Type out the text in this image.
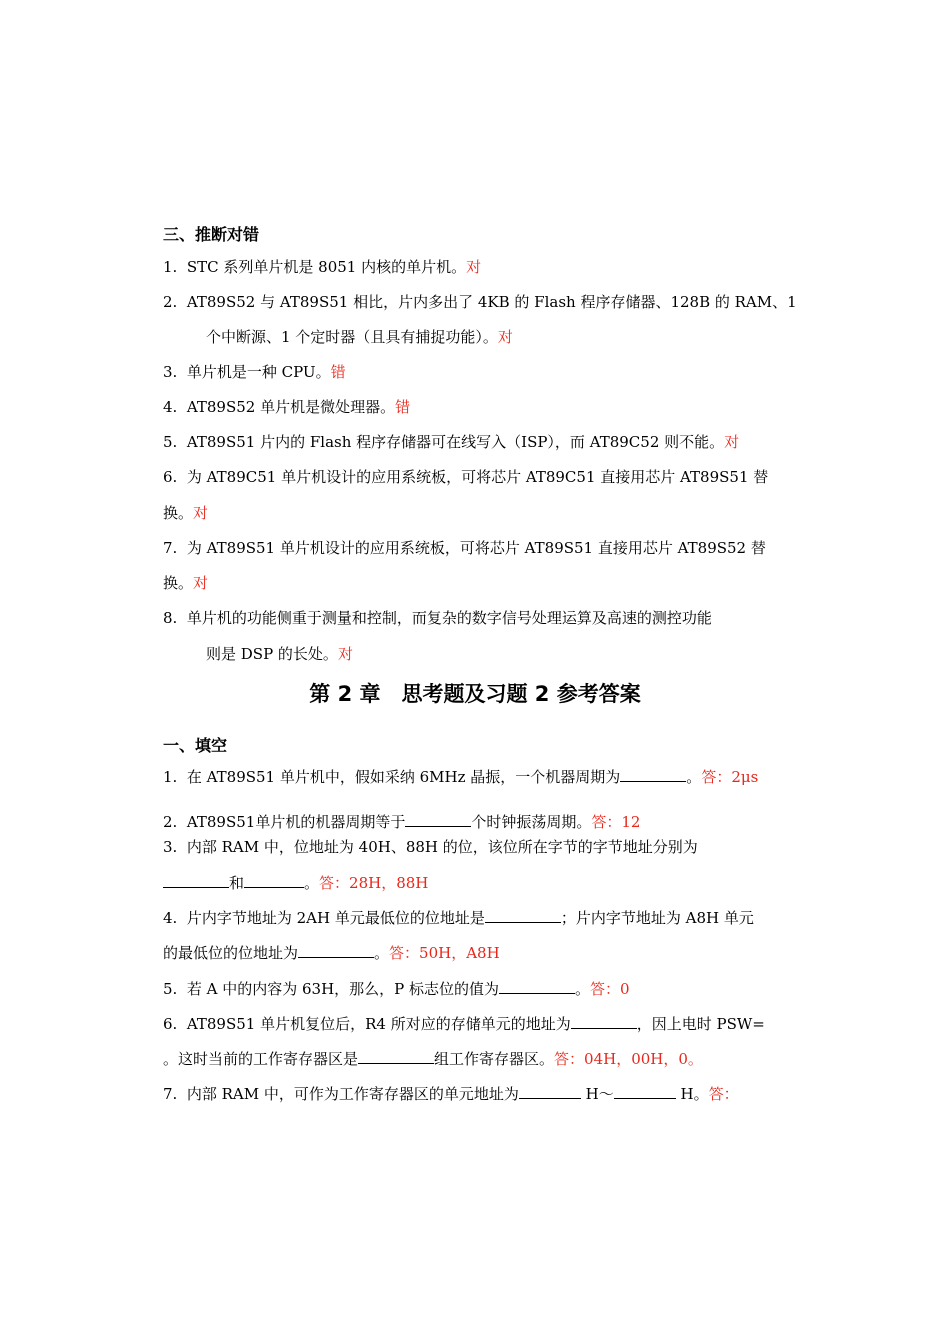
三、推断对错
1. STC 系列单片机是 8051 内核的单片机。对
2. AT89S52 与 AT89S51 相比，片内多出了 4KB 的 Flash 程序存储器、128B 的 RAM、1
个中断源、1 个定时器（且具有捕捉功能）。对
3. 单片机是一种 CPU。错
4. AT89S52 单片机是微处理器。错
5. AT89S51 片内的 Flash 程序存储器可在线写入（ISP），而 AT89C52 则不能。对
6. 为 AT89C51 单片机设计的应用系统板，可将芯片 AT89C51 直接用芯片 AT89S51 替
换。对
7. 为 AT89S51 单片机设计的应用系统板，可将芯片 AT89S51 直接用芯片 AT89S52 替
换。对
8. 单片机的功能侧重于测量和控制，而复杂的数字信号处理运算及高速的测控功能
则是 DSP 的长处。对
第 2 章　思考题及习题 2 参考答案
一、填空
1. 在 AT89S51 单片机中，假如采纳 6MHz 晶振，一个机器周期为	。答：2μs
2. AT89S51单片机的机器周期等于	个时钟振荡周期。答：12
3. 内部 RAM 中，位地址为 40H、88H 的位，该位所在字节的字节地址分别为
和	。答：28H，88H
4. 片内字节地址为 2AH 单元最低位的位地址是	；片内字节地址为 A8H 单元
的最低位的位地址为	。答：50H，A8H
5. 若 A 中的内容为 63H，那么，P 标志位的值为	。答：0
6. AT89S51 单片机复位后，R4 所对应的存储单元的地址为	，因上电时 PSW=
。这时当前的工作寄存器区是	组工作寄存器区。答：04H，00H，0。
7. 内部 RAM 中，可作为工作寄存器区的单元地址为	H～	H。答：
